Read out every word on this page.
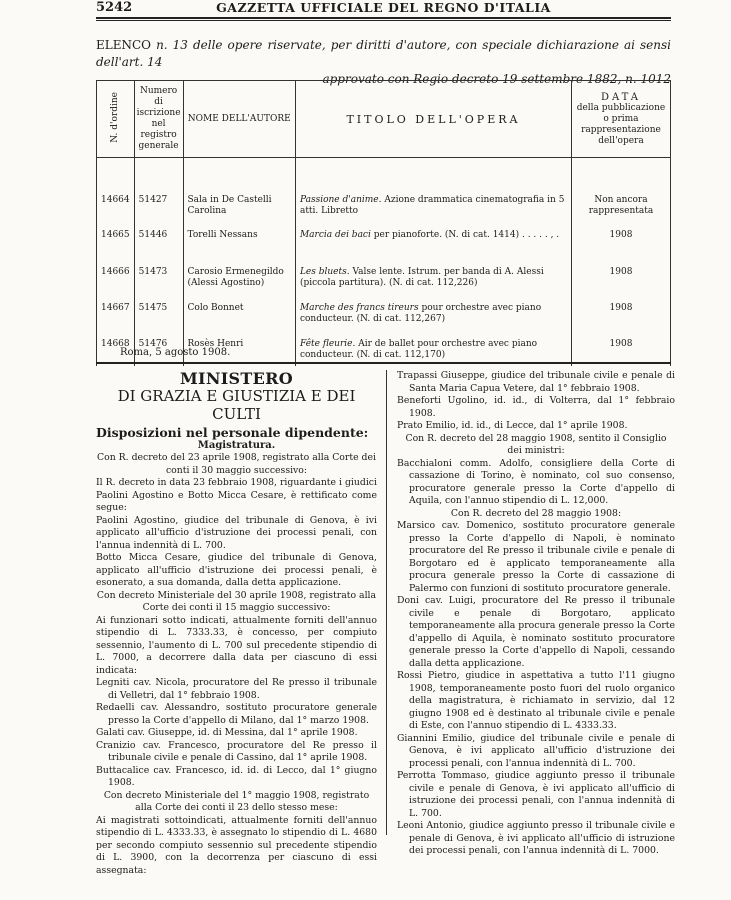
5242	GAZZETTA UFFICIALE DEL REGNO D'ITALIA
ELENCO n. 13 delle opere riservate, per diritti d'autore, con speciale dichiarazione ai sensi dell'art. 14
approvato con Regio decreto 19 settembre 1882, n. 1012
N. d'ordine	Numero di iscrizione nel registro generale	NOME DELL'AUTORE	TITOLO DELL'OPERA	DATA
della pubblicazione o prima rappresentazione dell'opera

14664	51427	Sala in De Castelli Carolina	Passione d'anime. Azione drammatica cinematografia in 5 atti. Libretto	Non ancora rappresentata
14665	51446	Torelli Nessans	Marcia dei baci per pianoforte. (N. di cat. 1414) . . . . . , .	1908
14666	51473	Carosio Ermenegildo (Alessi Agostino)	Les bluets. Valse lente. Istrum. per banda di A. Alessi (piccola partitura). (N. di cat. 112,226)	1908
14667	51475	Colo Bonnet	Marche des francs tireurs pour orchestre avec piano conducteur. (N. di cat. 112,267)	1908
14668	51476	Rosès Henri	Fête fleurie. Air de ballet pour orchestre avec piano conducteur. (N. di cat. 112,170)	1908
Roma, 5 agosto 1908.
MINISTERO
DI GRAZIA E GIUSTIZIA E DEI CULTI
Disposizioni nel personale dipendente:
Magistratura.

Con R. decreto del 23 aprile 1908, registrato alla Corte dei conti il 30 maggio successivo:

Il R. decreto in data 23 febbraio 1908, riguardante i giudici Paolini Agostino e Botto Micca Cesare, è rettificato come segue:

Paolini Agostino, giudice del tribunale di Genova, è ivi applicato all'ufficio d'istruzione dei processi penali, con l'annua indennità di L. 700.

Botto Micca Cesare, giudice del tribunale di Genova, applicato all'ufficio d'istruzione dei processi penali, è esonerato, a sua domanda, dalla detta applicazione.

Con decreto Ministeriale del 30 aprile 1908, registrato alla Corte dei conti il 15 maggio successivo:

Ai funzionari sotto indicati, attualmente forniti dell'annuo stipendio di L. 7333.33, è concesso, per compiuto sessennio, l'aumento di L. 700 sul precedente stipendio di L. 7000, a decorrere dalla data per ciascuno di essi indicata:

Legniti cav. Nicola, procuratore del Re presso il tribunale di Velletri, dal 1° febbraio 1908.

Redaelli cav. Alessandro, sostituto procuratore generale presso la Corte d'appello di Milano, dal 1° marzo 1908.

Galati cav. Giuseppe, id. di Messina, dal 1° aprile 1908.

Cranizio cav. Francesco, procuratore del Re presso il tribunale civile e penale di Cassino, dal 1° aprile 1908.

Buttacalice cav. Francesco, id. id. di Lecco, dal 1° giugno 1908.

Con decreto Ministeriale del 1° maggio 1908, registrato alla Corte dei conti il 23 dello stesso mese:

Ai magistrati sottoindicati, attualmente forniti dell'annuo stipendio di L. 4333.33, è assegnato lo stipendio di L. 4680 per secondo compiuto sessennio sul precedente stipendio di L. 3900, con la decorrenza per ciascuno di essi assegnata:

Trapassi Giuseppe, giudice del tribunale civile e penale di Santa Maria Capua Vetere, dal 1° febbraio 1908.

Beneforti Ugolino, id. id., di Volterra, dal 1° febbraio 1908.

Prato Emilio, id. id., di Lecce, dal 1° aprile 1908.

Con R. decreto del 28 maggio 1908, sentito il Consiglio dei ministri:

Bacchialoni comm. Adolfo, consigliere della Corte di cassazione di Torino, è nominato, col suo consenso, procuratore generale presso la Corte d'appello di Aquila, con l'annuo stipendio di L. 12,000.

Con R. decreto del 28 maggio 1908:

Marsico cav. Domenico, sostituto procuratore generale presso la Corte d'appello di Napoli, è nominato procuratore del Re presso il tribunale civile e penale di Borgotaro ed è applicato temporaneamente alla procura generale presso la Corte di cassazione di Palermo con funzioni di sostituto procuratore generale.

Doni cav. Luigi, procuratore del Re presso il tribunale civile e penale di Borgotaro, applicato temporaneamente alla procura generale presso la Corte d'appello di Aquila, è nominato sostituto procuratore generale presso la Corte d'appello di Napoli, cessando dalla detta applicazione.

Rossi Pietro, giudice in aspettativa a tutto l'11 giugno 1908, temporaneamente posto fuori del ruolo organico della magistratura, è richiamato in servizio, dal 12 giugno 1908 ed è destinato al tribunale civile e penale di Este, con l'annuo stipendio di L. 4333.33.

Giannini Emilio, giudice del tribunale civile e penale di Genova, è ivi applicato all'ufficio d'istruzione dei processi penali, con l'annua indennità di L. 700.

Perrotta Tommaso, giudice aggiunto presso il tribunale civile e penale di Genova, è ivi applicato all'ufficio di istruzione dei processi penali, con l'annua indennità di L. 700.

Leoni Antonio, giudice aggiunto presso il tribunale civile e penale di Genova, è ivi applicato all'ufficio di istruzione dei processi penali, con l'annua indennità di L. 7000.
